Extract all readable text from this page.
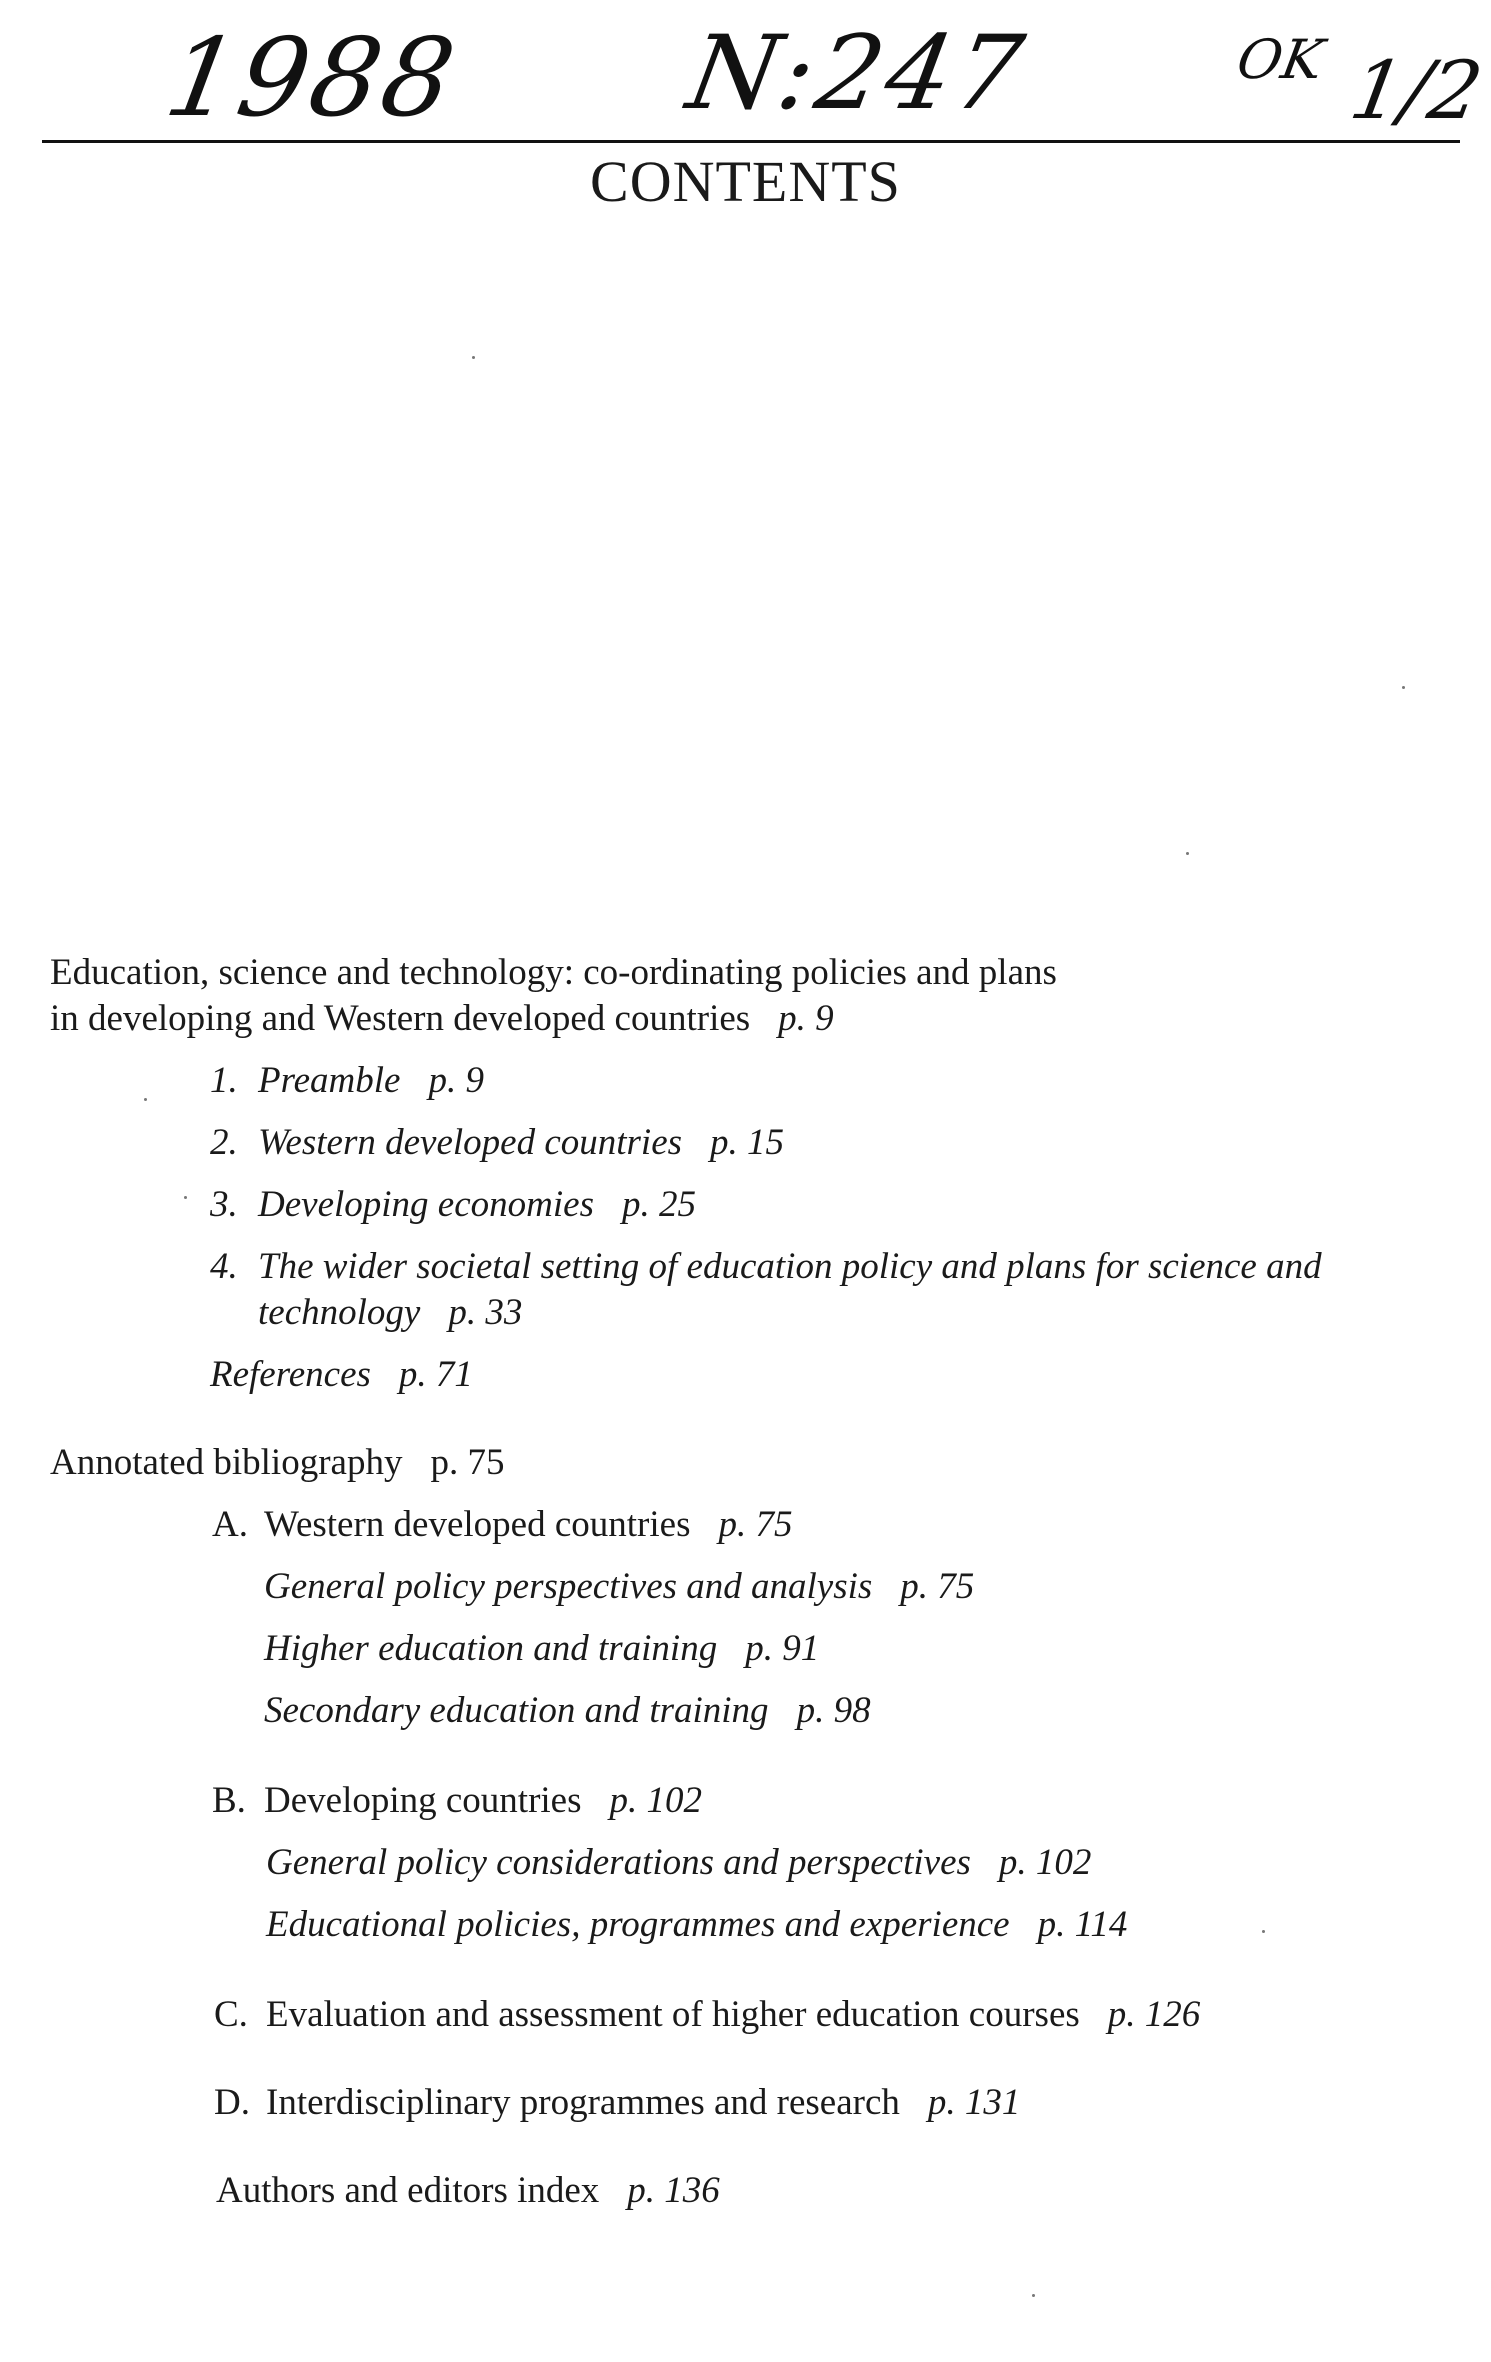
1988 N:247	OK 1/2
CONTENTS
Education, science and technology: co-ordinating policies and plans
in developing and Western developed countries p. 9
1. Preamble p. 9
2. Western developed countries p. 15
3. Developing economies p. 25
4. The wider societal setting of education policy and plans for science and
technology p. 33
References p. 71
Annotated bibliography p. 75
A. Western developed countries p. 75
General policy perspectives and analysis p. 75
Higher education and training p. 91
Secondary education and training p. 98
B. Developing countries p. 102
General policy considerations and perspectives p. 102
Educational policies, programmes and experience p. 114
C. Evaluation and assessment of higher education courses p. 126
D. Interdisciplinary programmes and research p. 131
Authors and editors index p. 136
